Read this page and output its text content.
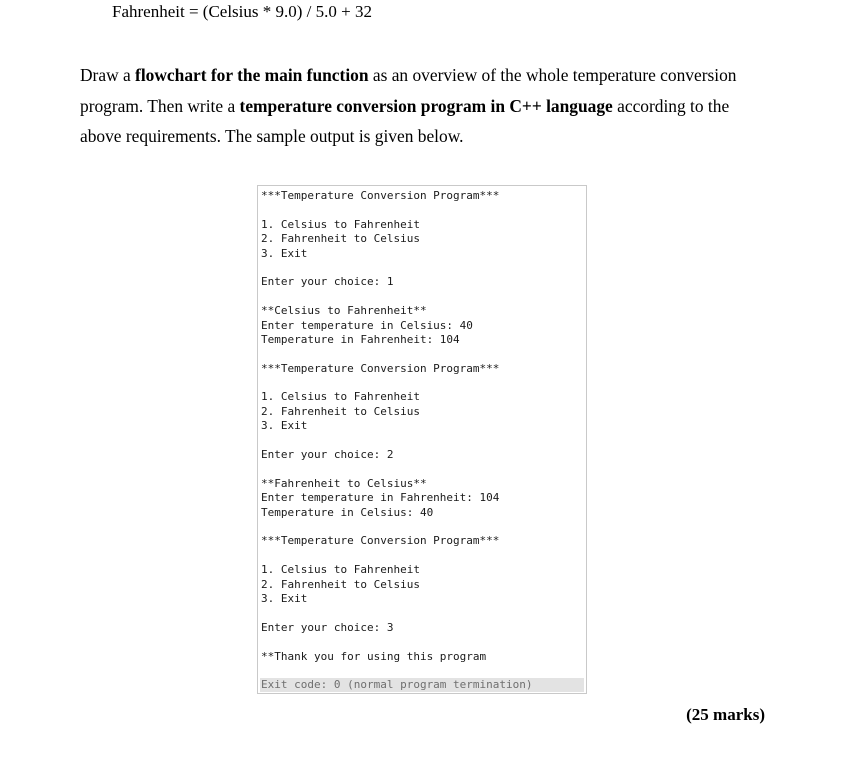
Fahrenheit = (Celsius * 9.0) / 5.0 + 32
Draw a flowchart for the main function as an overview of the whole temperature conversion
program. Then write a temperature conversion program in C++ language according to the
above requirements. The sample output is given below.
***Temperature Conversion Program***
1. Celsius to Fahrenheit
2. Fahrenheit to Celsius
3. Exit
Enter your choice: 1
**Celsius to Fahrenheit**
Enter temperature in Celsius: 40
Temperature in Fahrenheit: 104
***Temperature Conversion Program***
1. Celsius to Fahrenheit
2. Fahrenheit to Celsius
3. Exit
Enter your choice: 2
**Fahrenheit to Celsius**
Enter temperature in Fahrenheit: 104
Temperature in Celsius: 40
***Temperature Conversion Program***
1. Celsius to Fahrenheit
2. Fahrenheit to Celsius
3. Exit
Enter your choice: 3
**Thank you for using this program
Exit code: 0 (normal program termination)
(25 marks)
